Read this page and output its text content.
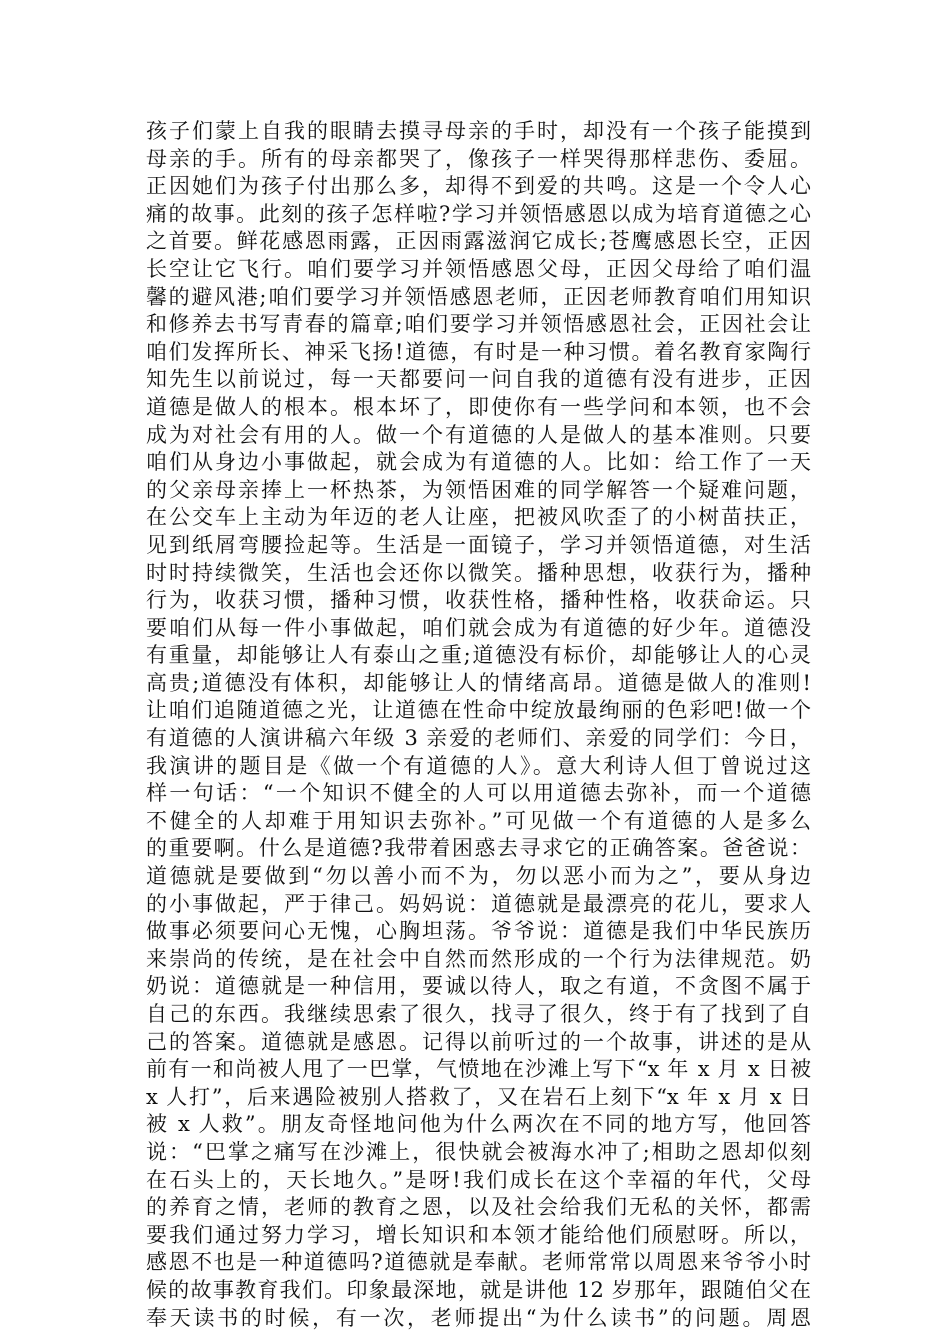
孩子们蒙上自我的眼睛去摸寻母亲的手时，却没有一个孩子能摸到
母亲的手。所有的母亲都哭了，像孩子一样哭得那样悲伤、委屈。
正因她们为孩子付出那么多，却得不到爱的共鸣。这是一个令人心
痛的故事。此刻的孩子怎样啦?学习并领悟感恩以成为培育道德之心
之首要。鲜花感恩雨露，正因雨露滋润它成长;苍鹰感恩长空，正因
长空让它飞行。咱们要学习并领悟感恩父母，正因父母给了咱们温
馨的避风港;咱们要学习并领悟感恩老师，正因老师教育咱们用知识
和修养去书写青春的篇章;咱们要学习并领悟感恩社会，正因社会让
咱们发挥所长、神采飞扬!道德，有时是一种习惯。着名教育家陶行
知先生以前说过，每一天都要问一问自我的道德有没有进步，正因
道德是做人的根本。根本坏了，即使你有一些学问和本领，也不会
成为对社会有用的人。做一个有道德的人是做人的基本准则。只要
咱们从身边小事做起，就会成为有道德的人。比如：给工作了一天
的父亲母亲捧上一杯热茶，为领悟困难的同学解答一个疑难问题，
在公交车上主动为年迈的老人让座，把被风吹歪了的小树苗扶正，
见到纸屑弯腰捡起等。生活是一面镜子，学习并领悟道德，对生活
时时持续微笑，生活也会还你以微笑。播种思想，收获行为，播种
行为，收获习惯，播种习惯，收获性格，播种性格，收获命运。只
要咱们从每一件小事做起，咱们就会成为有道德的好少年。道德没
有重量，却能够让人有泰山之重;道德没有标价，却能够让人的心灵
高贵;道德没有体积，却能够让人的情绪高昂。道德是做人的准则!
让咱们追随道德之光，让道德在性命中绽放最绚丽的色彩吧!做一个
有道德的人演讲稿六年级 3 亲爱的老师们、亲爱的同学们：今日，
我演讲的题目是《做一个有道德的人》。意大利诗人但丁曾说过这
样一句话：“一个知识不健全的人可以用道德去弥补，而一个道德
不健全的人却难于用知识去弥补。”可见做一个有道德的人是多么
的重要啊。什么是道德?我带着困惑去寻求它的正确答案。爸爸说：
道德就是要做到“勿以善小而不为，勿以恶小而为之”，要从身边
的小事做起，严于律己。妈妈说：道德就是最漂亮的花儿，要求人
做事必须要问心无愧，心胸坦荡。爷爷说：道德是我们中华民族历
来崇尚的传统，是在社会中自然而然形成的一个行为法律规范。奶
奶说：道德就是一种信用，要诚以待人，取之有道，不贪图不属于
自己的东西。我继续思索了很久，找寻了很久，终于有了找到了自
己的答案。道德就是感恩。记得以前听过的一个故事，讲述的是从
前有一和尚被人甩了一巴掌，气愤地在沙滩上写下“x 年 x 月 x 日被
x 人打”，后来遇险被别人搭救了，又在岩石上刻下“x 年 x 月 x 日
被 x 人救”。朋友奇怪地问他为什么两次在不同的地方写，他回答
说：“巴掌之痛写在沙滩上，很快就会被海水冲了;相助之恩却似刻
在石头上的，天长地久。”是呀!我们成长在这个幸福的年代，父母
的养育之情，老师的教育之恩，以及社会给我们无私的关怀，都需
要我们通过努力学习，增长知识和本领才能给他们颀慰呀。所以，
感恩不也是一种道德吗?道德就是奉献。老师常常以周恩来爷爷小时
候的故事教育我们。印象最深地，就是讲他 12 岁那年，跟随伯父在
奉天读书的时候，有一次，老师提出“为什么读书”的问题。周恩
